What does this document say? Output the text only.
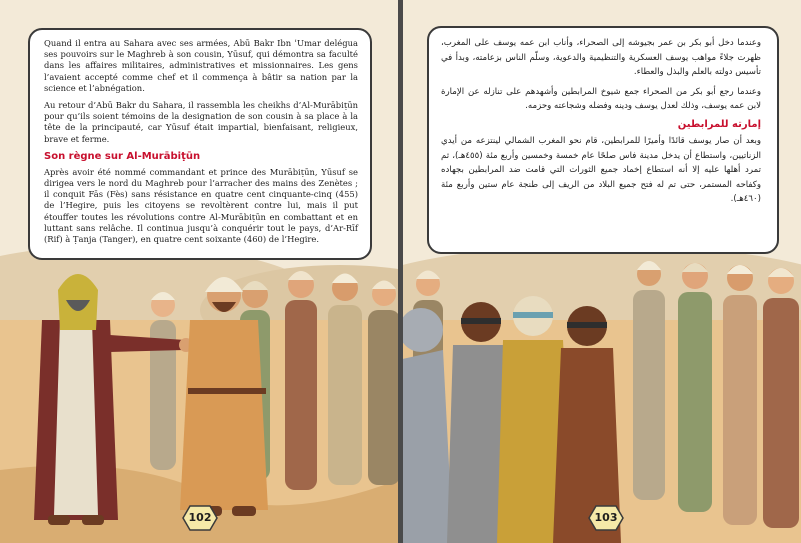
Quand il entra au Sahara avec ses armées, Abū Bakr Ibn ʿUmar delégua ses pouvoirs sur le Maghreb à son cousin, Yūsuf, qui démontra sa faculté dans les affaires militaires, administratives et missionnaires. Les gens l’avaient accepté comme chef et il commença à bâtir sa nation par la science et l’abnégation.

Au retour d’Abū Bakr du Sahara, il rassembla les cheikhs d’Al-Murābiṭūn pour qu’ils soient témoins de la designation de son cousin à sa place à la tête de la principauté, car Yūsuf était impartial, bienfaisant, religieux, brave et ferme.

Son règne sur Al-Murābiṭūn

Après avoir été nommé commandant et prince des Murābiṭūn, Yūsuf se dirigea vers le nord du Maghreb pour l’arracher des mains des Zenètes ; il conquit Fās (Fès) sans résistance en quatre cent cinquante-cinq (455) de l’Hegire, puis les citoyens se revoltèrent contre lui, mais il put étouffer toutes les révolutions contre Al-Murābiṭūn en combattant et en luttant sans relâche. Il continua jusqu’à conquérir tout le pays, d’Ar-Rīf (Rif) à Ṭanja (Tanger), en quatre cent soixante (460) de l’Hegire.

102

وعندما دخل أبو بكر بن عمر بجيوشه إلى الصحراء، وأناب ابن عمه يوسف على المغرب، ظهرت جلاءً مواهب يوسف العسكرية والتنظيمية والدعوية، وسلّم الناس بزعامته، وبدأ في تأسيس دولته بالعلم والبذل والعطاء.

وعندما رجع أبو بكر من الصحراء جمع شيوخ المرابطين وأشهدهم على تنازله عن الإمارة لابن عمه يوسف، وذلك لعدل يوسف ودينه وفضله وشجاعته وحزمه.

إمارته للمرابطين

وبعد أن صار يوسف قائدًا وأميرًا للمرابطين، قام نحو المغرب الشمالي لينتزعه من أيدي الزناتيين، واستطاع أن يدخل مدينة فاس صلحًا عام خمسة وخمسين وأربع مئة (٤٥٥هـ)، ثم تمرد أهلها عليه إلا أنه استطاع إخماد جميع الثورات التي قامت ضد المرابطين بجهاده وكفاحه المستمر، حتى تم له فتح جميع البلاد من الريف إلى طنجة عام ستين وأربع مئة (٤٦٠هـ).

103
